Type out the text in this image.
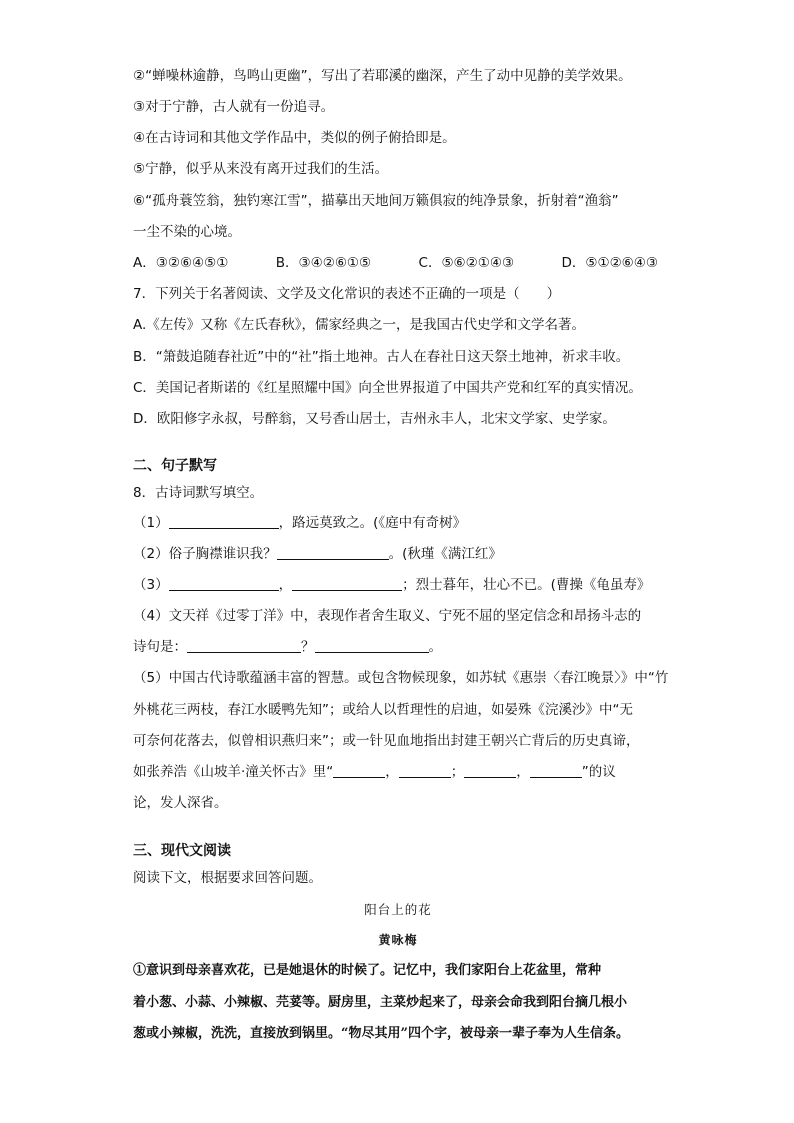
②“蝉噪林逾静，鸟鸣山更幽”，写出了若耶溪的幽深，产生了动中见静的美学效果。
③对于宁静，古人就有一份追寻。
④在古诗词和其他文学作品中，类似的例子俯拾即是。
⑤宁静，似乎从来没有离开过我们的生活。
⑥“孤舟蓑笠翁，独钓寒江雪”，描摹出天地间万籁俱寂的纯净景象，折射着“渔翁”
一尘不染的心境。
A．③②⑥④⑤①	B．③④②⑥①⑤	C．⑤⑥②①④③	D．⑤①②⑥④③
7．下列关于名著阅读、文学及文化常识的表述不正确的一项是（　　）
A.《左传》又称《左氏春秋》，儒家经典之一，是我国古代史学和文学名著。
B．“箫鼓追随春社近”中的“社”指土地神。古人在春社日这天祭土地神，祈求丰收。
C．美国记者斯诺的《红星照耀中国》向全世界报道了中国共产党和红军的真实情况。
D．欧阳修字永叔，号醉翁，又号香山居士，吉州永丰人，北宋文学家、史学家。
二、句子默写
8．古诗词默写填空。
（1）	，路远莫致之。(《庭中有奇树》
（2）俗子胸襟谁识我？	。(秋瑾《满江红》
（3）	，	；烈士暮年，壮心不已。(曹操《龟虽寿》
（4）文天祥《过零丁洋》中，表现作者舍生取义、宁死不屈的坚定信念和昂扬斗志的
诗句是：	？	。
（5）中国古代诗歌蕴涵丰富的智慧。或包含物候现象，如苏轼《惠崇〈春江晚景〉》中“竹
外桃花三两枝，春江水暖鸭先知”；或给人以哲理性的启迪，如晏殊《浣溪沙》中“无
可奈何花落去，似曾相识燕归来”；或一针见血地指出封建王朝兴亡背后的历史真谛，
如张养浩《山坡羊·潼关怀古》里“	，	；	，	”的议
论，发人深省。
三、现代文阅读
阅读下文，根据要求回答问题。
阳台上的花
黄咏梅
①意识到母亲喜欢花，已是她退休的时候了。记忆中，我们家阳台上花盆里，常种
着小葱、小蒜、小辣椒、芫荽等。厨房里，主菜炒起来了，母亲会命我到阳台摘几根小
葱或小辣椒，洗洗，直接放到锅里。“物尽其用”四个字，被母亲一辈子奉为人生信条。
